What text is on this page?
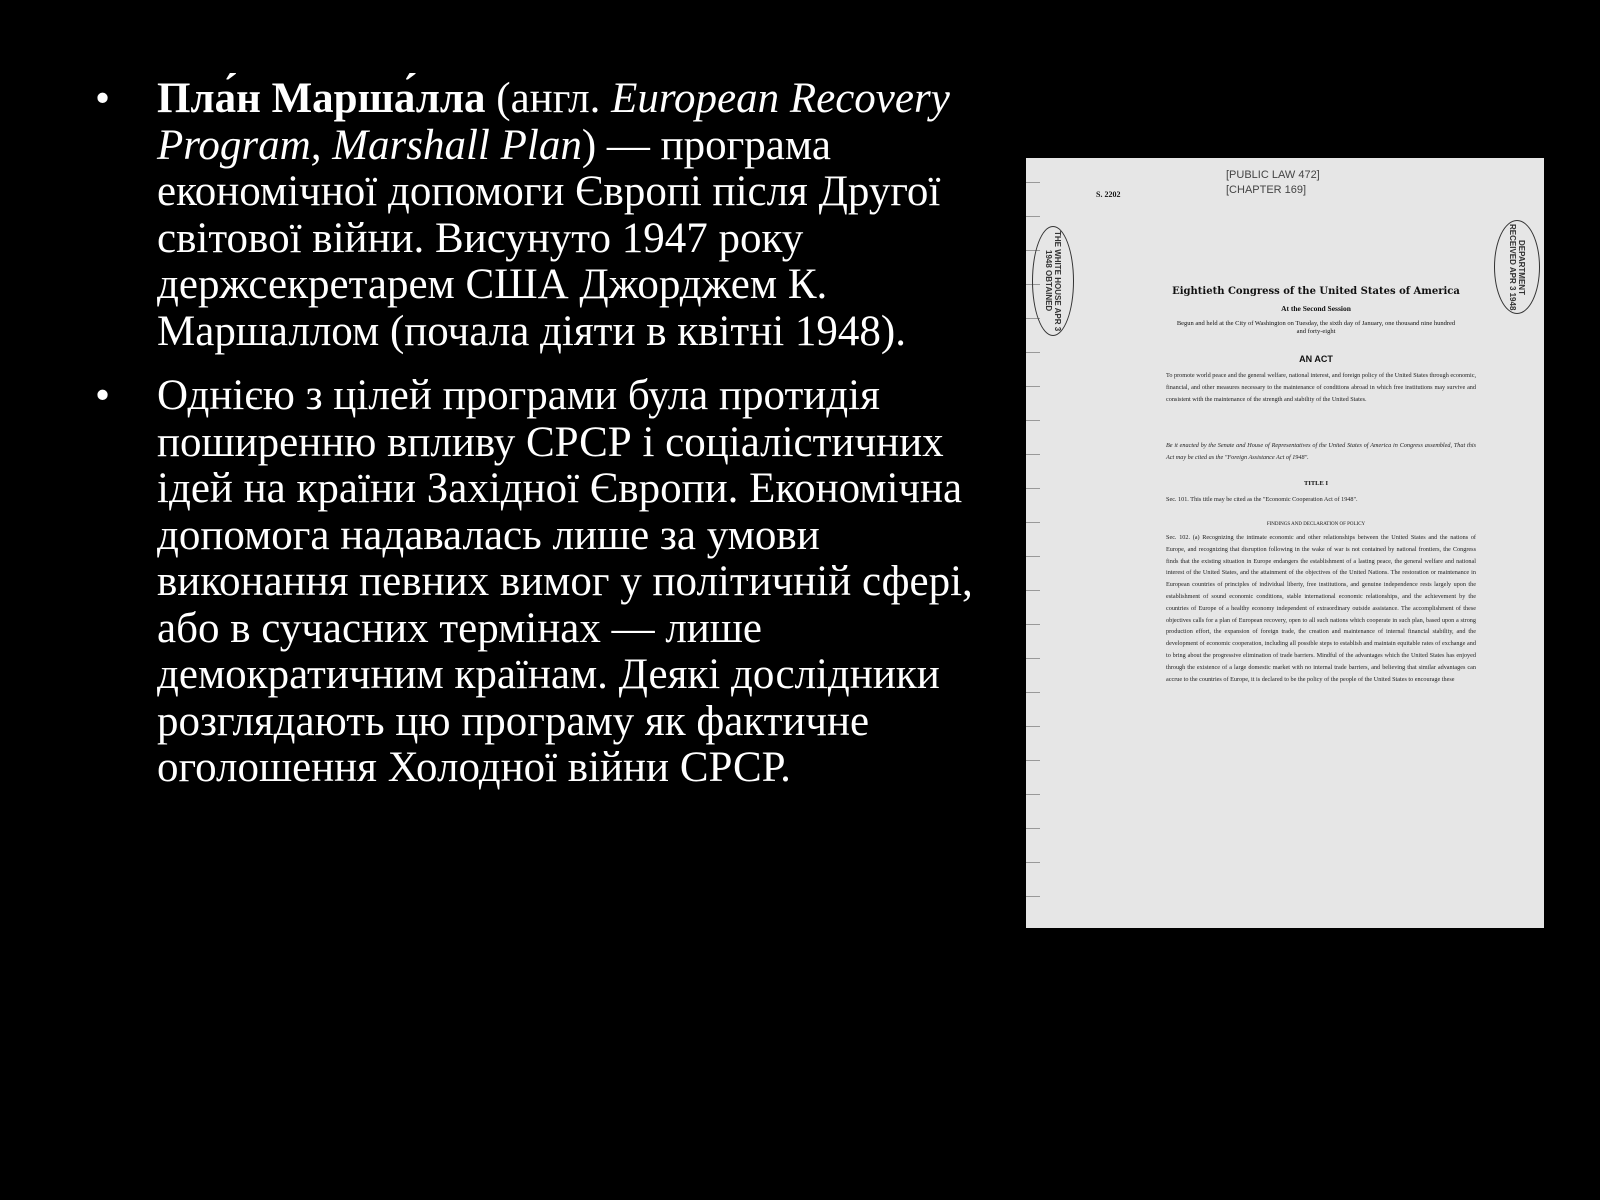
•	Пла́н Марша́лла (англ. European Recovery Program, Marshall Plan) — програма економічної допомоги Європі після Другої світової війни. Висунуто 1947 року держсекретарем США Джорджем К. Маршаллом (почала діяти в квітні 1948).
•	Однією з цілей програми була протидія поширенню впливу СРСР і соціалістичних ідей на країни Західної Європи. Економічна допомога надавалась лише за умови виконання певних вимог у політичній сфері, або в сучасних термінах — лише демократичним країнам. Деякі дослідники розглядають цю програму як фактичне оголошення Холодної війни СРСР.
S. 2202
[PUBLIC LAW 472]
[CHAPTER 169]
THE WHITE HOUSE APR 3 1948 OBTAINED	DEPARTMENT RECEIVED APR 3 1948
Eightieth Congress of the United States of America
At the Second Session
Begun and held at the City of Washington on Tuesday, the sixth day of January, one thousand nine hundred and forty-eight
AN ACT
To promote world peace and the general welfare, national interest, and foreign policy of the United States through economic, financial, and other measures necessary to the maintenance of conditions abroad in which free institutions may survive and consistent with the maintenance of the strength and stability of the United States.
Be it enacted by the Senate and House of Representatives of the United States of America in Congress assembled, That this Act may be cited as the "Foreign Assistance Act of 1948".
TITLE I
Sec. 101. This title may be cited as the "Economic Cooperation Act of 1948".
FINDINGS AND DECLARATION OF POLICY
Sec. 102. (a) Recognizing the intimate economic and other relationships between the United States and the nations of Europe, and recognizing that disruption following in the wake of war is not contained by national frontiers, the Congress finds that the existing situation in Europe endangers the establishment of a lasting peace, the general welfare and national interest of the United States, and the attainment of the objectives of the United Nations. The restoration or maintenance in European countries of principles of individual liberty, free institutions, and genuine independence rests largely upon the establishment of sound economic conditions, stable international economic relationships, and the achievement by the countries of Europe of a healthy economy independent of extraordinary outside assistance. The accomplishment of these objectives calls for a plan of European recovery, open to all such nations which cooperate in such plan, based upon a strong production effort, the expansion of foreign trade, the creation and maintenance of internal financial stability, and the development of economic cooperation, including all possible steps to establish and maintain equitable rates of exchange and to bring about the progressive elimination of trade barriers. Mindful of the advantages which the United States has enjoyed through the existence of a large domestic market with no internal trade barriers, and believing that similar advantages can accrue to the countries of Europe, it is declared to be the policy of the people of the United States to encourage these
